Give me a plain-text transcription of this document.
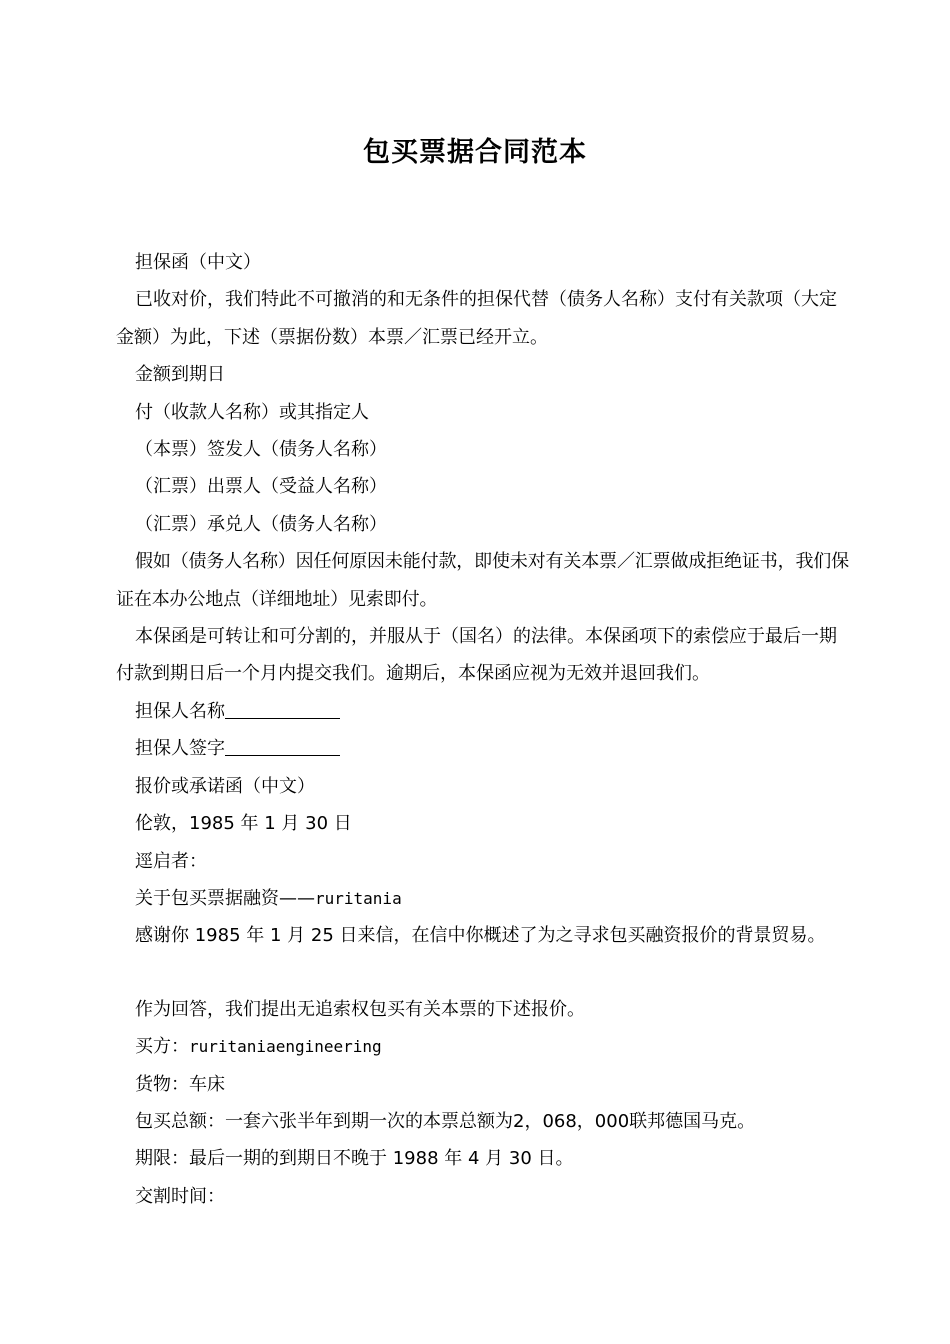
包买票据合同范本
担保函（中文）
已收对价，我们特此不可撤消的和无条件的担保代替（债务人名称）支付有关款项（大定金额）为此，下述（票据份数）本票／汇票已经开立。
金额到期日
付（收款人名称）或其指定人
（本票）签发人（债务人名称）
（汇票）出票人（受益人名称）
（汇票）承兑人（债务人名称）
假如（债务人名称）因任何原因未能付款，即使未对有关本票／汇票做成拒绝证书，我们保证在本办公地点（详细地址）见索即付。
本保函是可转让和可分割的，并服从于（国名）的法律。本保函项下的索偿应于最后一期付款到期日后一个月内提交我们。逾期后，本保函应视为无效并退回我们。
担保人名称
担保人签字
报价或承诺函（中文）
伦敦，1985 年 1 月 30 日
逕启者：
关于包买票据融资——ruritania
感谢你 1985 年 1 月 25 日来信，在信中你概述了为之寻求包买融资报价的背景贸易。
作为回答，我们提出无追索权包买有关本票的下述报价。
买方：ruritaniaengineering
货物：车床
包买总额：一套六张半年到期一次的本票总额为2，068，000联邦德国马克。
期限：最后一期的到期日不晚于 1988 年 4 月 30 日。
交割时间：
